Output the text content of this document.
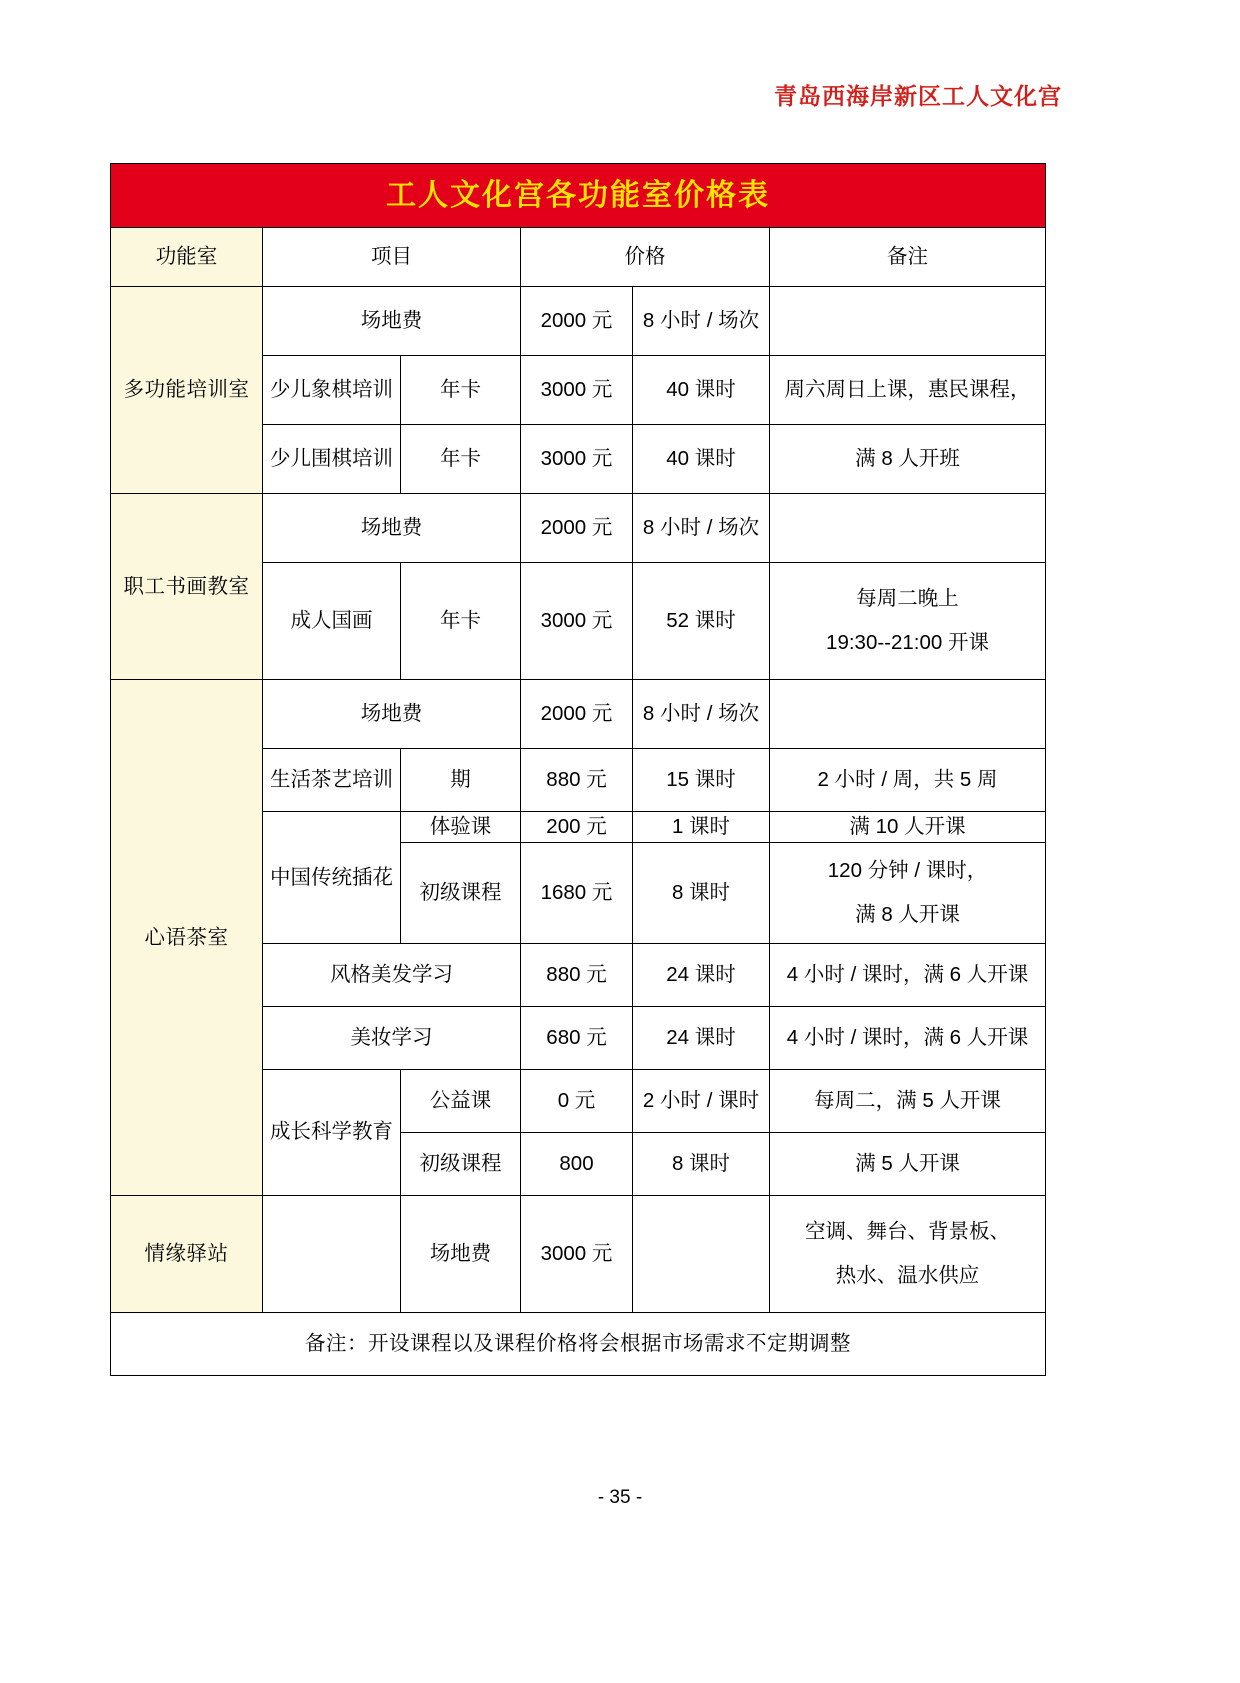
青岛西海岸新区工人文化宫
工人文化宫各功能室价格表					
功能室	项目		价格		备注
多功能培训室	场地费		2000 元	8 小时 / 场次	
	少儿象棋培训	年卡	3000 元	40 课时	周六周日上课，惠民课程，
	少儿围棋培训	年卡	3000 元	40 课时	满 8 人开班
职工书画教室	场地费		2000 元	8 小时 / 场次	
	成人国画	年卡	3000 元	52 课时	每周二晚上
19:30--21:00 开课

心语茶室	场地费		2000 元	8 小时 / 场次	
	生活茶艺培训	期	880 元	15 课时	2 小时 / 周，共 5 周
	中国传统插花	体验课	200 元	1 课时	满 10 人开课
		初级课程	1680 元	8 课时	120 分钟 / 课时，
满 8 人开课

	风格美发学习		880 元	24 课时	4 小时 / 课时，满 6 人开课
	美妆学习		680 元	24 课时	4 小时 / 课时，满 6 人开课
	成长科学教育	公益课	0 元	2 小时 / 课时	每周二，满 5 人开课
		初级课程	800	8 课时	满 5 人开课
情缘驿站		场地费	3000 元		空调、舞台、背景板、
热水、温水供应

备注：开设课程以及课程价格将会根据市场需求不定期调整					
- 35 -
